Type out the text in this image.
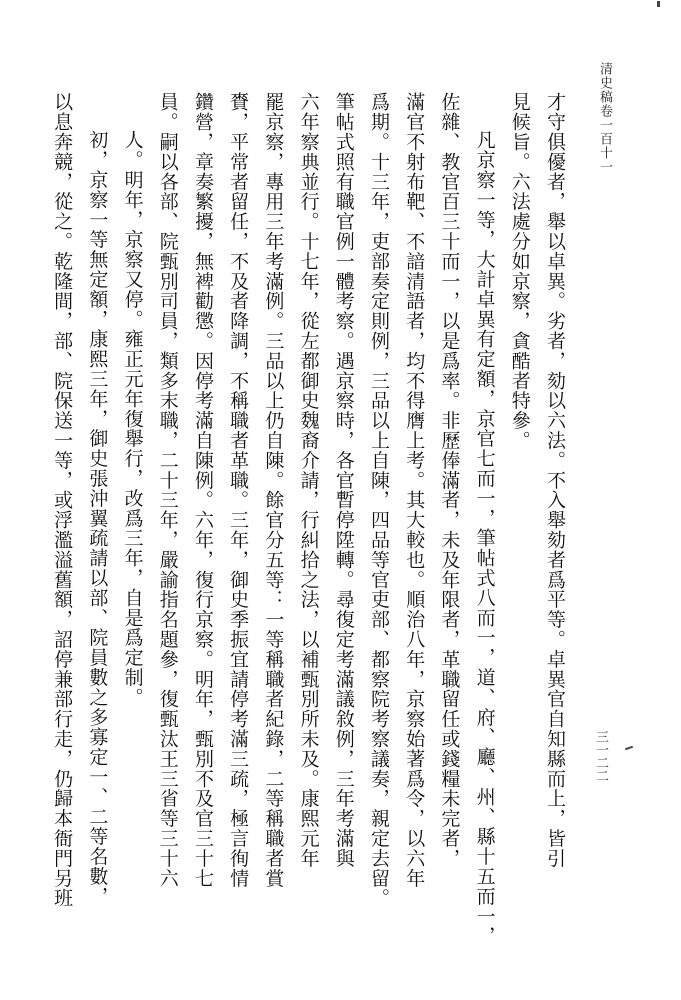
清史稿卷一百十一
三一二二
才守俱優者，舉以卓異。劣者，劾以六法。不入舉劾者爲平等。卓異官自知縣而上，皆引
見候旨。六法處分如京察，貪酷者特參。
凡京察一等，大計卓異有定額，京官七而一，筆帖式八而一，道、府、廳、州、縣十五而一，
佐雜、教官百三十而一，以是爲率。非歷俸滿者，未及年限者，革職留任或錢糧未完者，
滿官不射布靶、不諳清語者，均不得膺上考。其大較也。順治八年，京察始著爲令，以六年
爲期。十三年，吏部奏定則例，三品以上自陳，四品等官吏部、都察院考察議奏，親定去留。
筆帖式照有職官例一體考察。遇京察時，各官暫停陞轉。尋復定考滿議敘例，三年考滿與
六年察典並行。十七年，從左都御史魏裔介請，行糾拾之法，以補甄別所未及。康熙元年
罷京察，專用三年考滿例。三品以上仍自陳。餘官分五等：一等稱職者紀錄，二等稱職者賞
賚，平常者留任，不及者降調，不稱職者革職。三年，御史季振宜請停考滿三疏，極言徇情
鑽營，章奏繁擾，無裨勸懲。因停考滿自陳例。六年，復行京察。明年，甄別不及官三十七
員。嗣以各部、院甄別司員，類多末職，二十三年，嚴諭指名題參，復甄汰王三省等三十六
人。明年，京察又停。雍正元年復舉行，改爲三年，自是爲定制。
初，京察一等無定額，康熙三年，御史張沖翼疏請以部、院員數之多寡定一、二等名數，
以息奔競，從之。乾隆間，部、院保送一等，或浮濫溢舊額，詔停兼部行走，仍歸本衙門另班
